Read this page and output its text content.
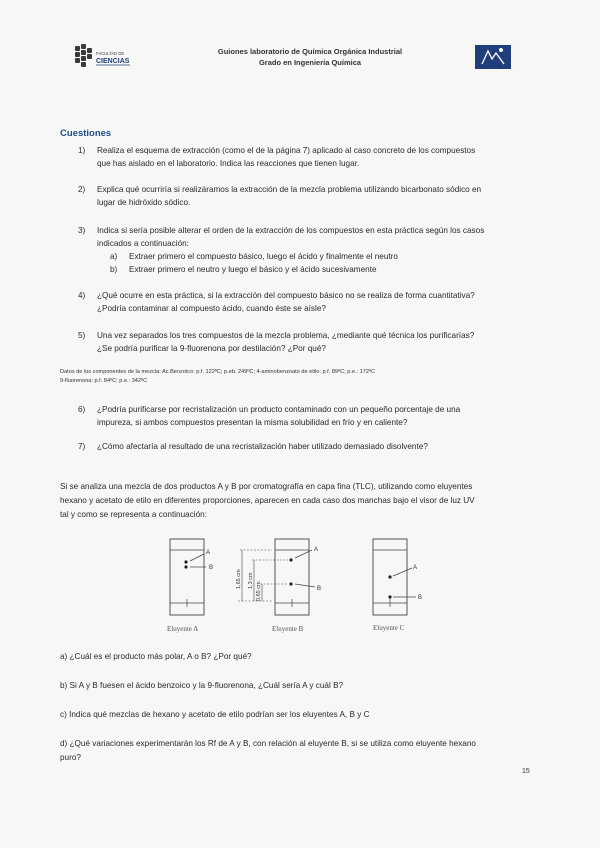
FACULTAD DE
CIENCIAS
Guiones laboratorio de Química Orgánica Industrial
Grado en Ingeniería Química
Cuestiones
1)	Realiza el esquema de extracción (como el de la página 7) aplicado al caso concreto de los compuestos
que has aislado en el laboratorio. Indica las reacciones que tienen lugar.
2)	Explica qué ocurriría si realizáramos la extracción de la mezcla problema utilizando bicarbonato sódico en
lugar de hidróxido sódico.
3)	Indica si sería posible alterar el orden de la extracción de los compuestos en esta práctica según los casos
indicados a continuación:
a) Extraer primero el compuesto básico, luego el ácido y finalmente el neutro
b) Extraer primero el neutro y luego el básico y el ácido sucesivamente
4)	¿Qué ocurre en esta práctica, si la extracción del compuesto básico no se realiza de forma cuantitativa?
¿Podría contaminar al compuesto ácido, cuando éste se aísle?
5)	Una vez separados los tres compuestos de la mezcla problema, ¿mediante qué técnica los purificarías?
¿Se podría purificar la 9-fluorenona por destilación? ¿Por qué?
Datos de los componentes de la mezcla: Ac.Benzoico: p.f. 122ºC; p.eb. 249ºC; 4-aminobenzoato de etilo: p.f. 89ºC; p.e.: 172ºC
9-fluorenona: p.f. 84ºC; p.e.: 342ºC
6)	¿Podría purificarse por recristalización un producto contaminado con un pequeño porcentaje de una
impureza, si ambos compuestos presentan la misma solubilidad en frío y en caliente?
7)	¿Cómo afectaría al resultado de una recristalización haber utilizado demasiado disolvente?
Si se analiza una mezcla de dos productos A y B por cromatografía en capa fina (TLC), utilizando como eluyentes
hexano y acetato de etilo en diferentes proporciones, aparecen en cada caso dos manchas bajo el visor de luz UV
tal y como se representa a continuación:
A
B
A
B
1,65 cm 1,3 cm
0,65 cm
A
B
Eluyente A	Eluyente B	Eluyente C
a) ¿Cuál es el producto más polar, A o B? ¿Por qué?
b) Si A y B fuesen el ácido benzoico y la 9-fluorenona, ¿Cuál sería A y cuál B?
c) Indica qué mezclas de hexano y acetato de etilo podrían ser los eluyentes A, B y C
d) ¿Qué variaciones experimentarán los Rf de A y B, con relación al eluyente B, si se utiliza como eluyente hexano
puro?
15
